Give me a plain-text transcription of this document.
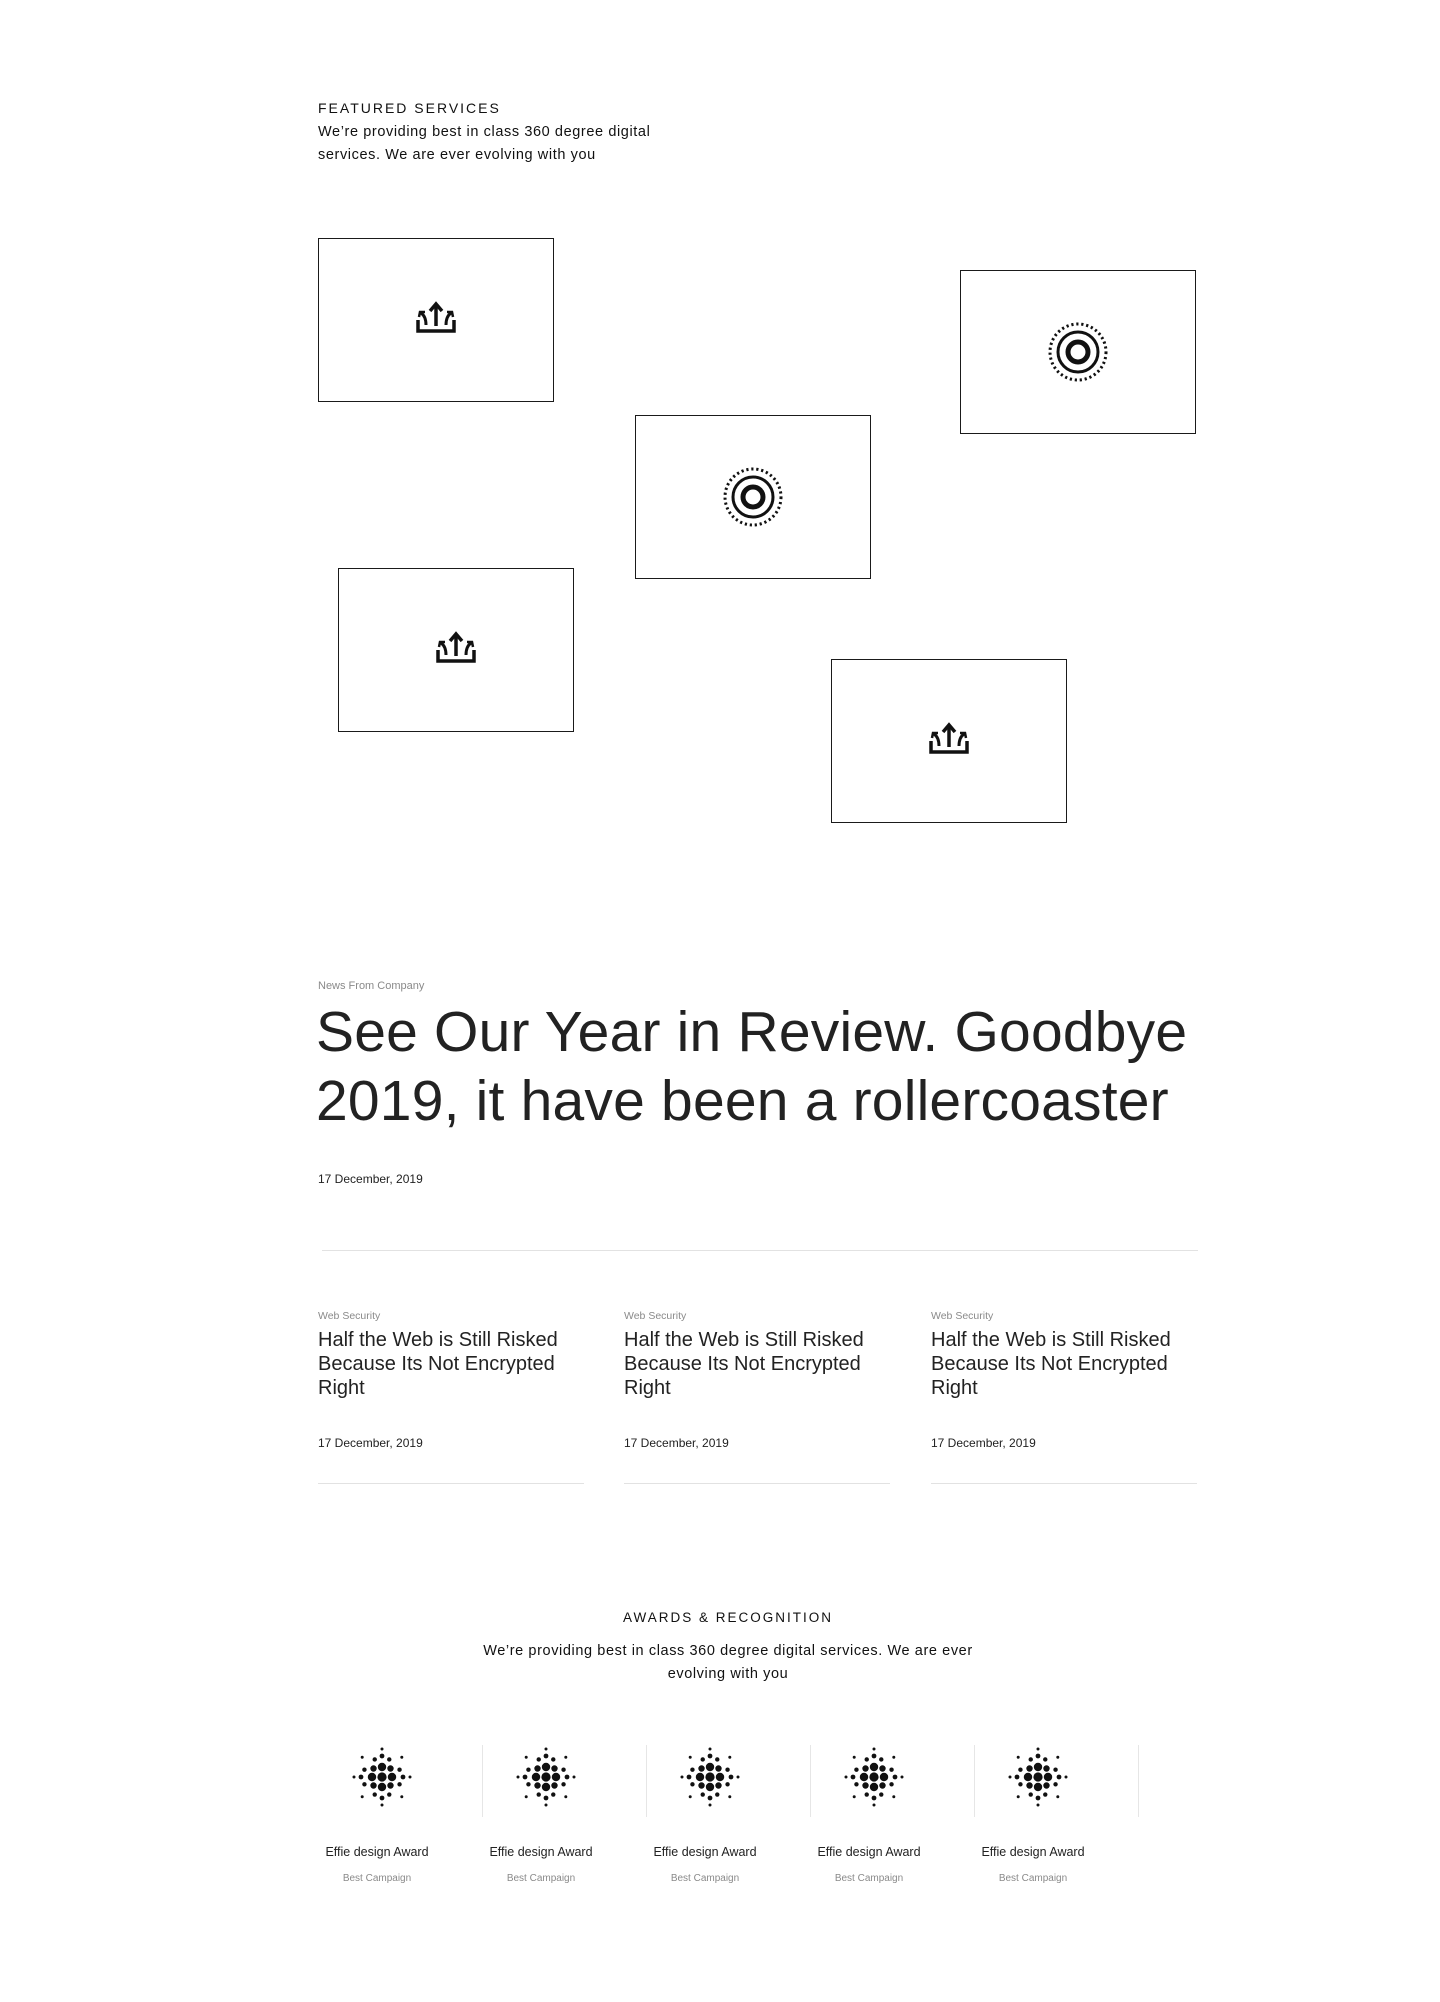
FEATURED SERVICES
We’re providing best in class 360 degree digital services. We are ever evolving with you
News From Company
See Our Year in Review. Goodbye 2019, it have been a rollercoaster
17 December, 2019
Web Security
Half the Web is Still Risked Because Its Not Encrypted Right
17 December, 2019
Web Security
Half the Web is Still Risked Because Its Not Encrypted Right
17 December, 2019
Web Security
Half the Web is Still Risked Because Its Not Encrypted Right
17 December, 2019
AWARDS & RECOGNITION
We’re providing best in class 360 degree digital services. We are ever evolving with you
Effie design Award
Best Campaign
Effie design Award
Best Campaign
Effie design Award
Best Campaign
Effie design Award
Best Campaign
Effie design Award
Best Campaign
